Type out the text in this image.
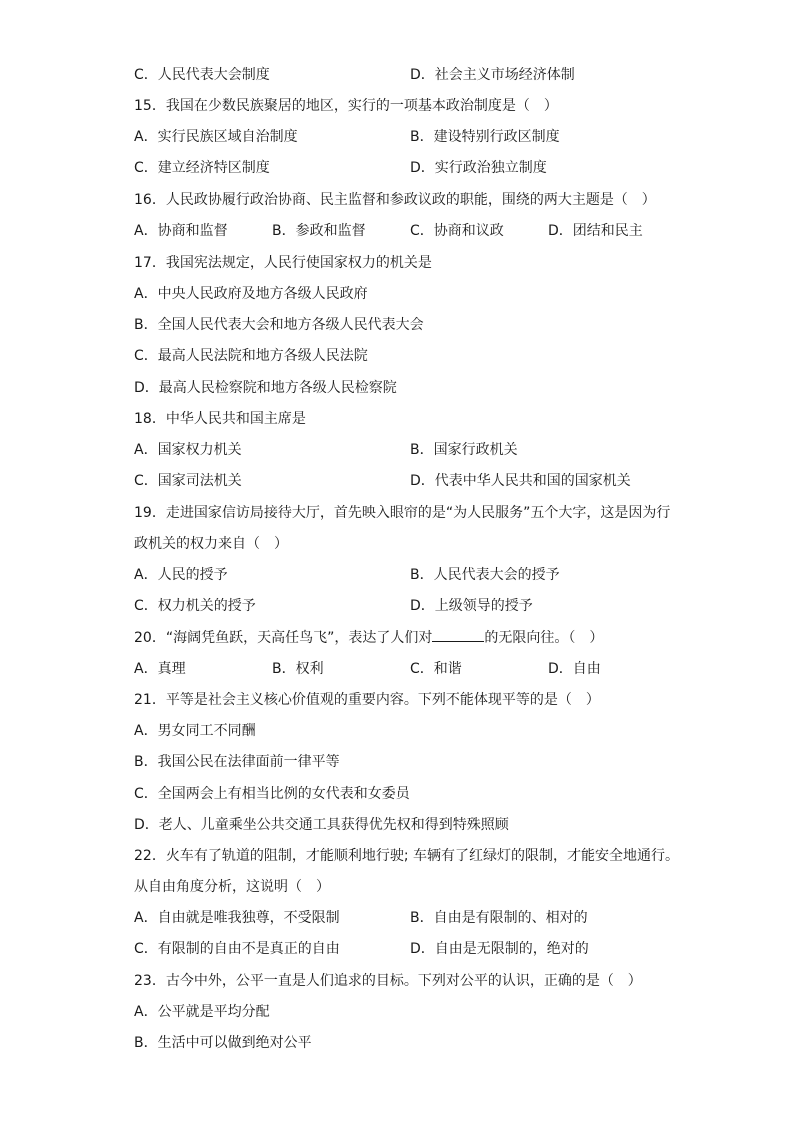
C．人民代表大会制度	D．社会主义市场经济体制
15．我国在少数民族聚居的地区，实行的一项基本政治制度是（　）
A．实行民族区域自治制度	B．建设特别行政区制度
C．建立经济特区制度	D．实行政治独立制度
16．人民政协履行政治协商、民主监督和参政议政的职能，围绕的两大主题是（　）
A．协商和监督	B．参政和监督	C．协商和议政	D．团结和民主
17．我国宪法规定，人民行使国家权力的机关是
A．中央人民政府及地方各级人民政府
B．全国人民代表大会和地方各级人民代表大会
C．最高人民法院和地方各级人民法院
D．最高人民检察院和地方各级人民检察院
18．中华人民共和国主席是
A．国家权力机关	B．国家行政机关
C．国家司法机关	D．代表中华人民共和国的国家机关
19．走进国家信访局接待大厅，首先映入眼帘的是“为人民服务”五个大字，这是因为行
政机关的权力来自（　）
A．人民的授予	B．人民代表大会的授予
C．权力机关的授予	D．上级领导的授予
20．“海阔凭鱼跃，天高任鸟飞”，表达了人们对	的无限向往。（　）
A．真理	B．权利	C．和谐	D．自由
21．平等是社会主义核心价值观的重要内容。下列不能体现平等的是（　）
A．男女同工不同酬
B．我国公民在法律面前一律平等
C．全国两会上有相当比例的女代表和女委员
D．老人、儿童乘坐公共交通工具获得优先权和得到特殊照顾
22．火车有了轨道的阻制，才能顺利地行驶; 车辆有了红绿灯的限制，才能安全地通行。
从自由角度分析，这说明（　）
A．自由就是唯我独尊，不受限制	B．自由是有限制的、相对的
C．有限制的自由不是真正的自由	D．自由是无限制的，绝对的
23．古今中外，公平一直是人们追求的目标。下列对公平的认识，正确的是（　）
A．公平就是平均分配
B．生活中可以做到绝对公平
